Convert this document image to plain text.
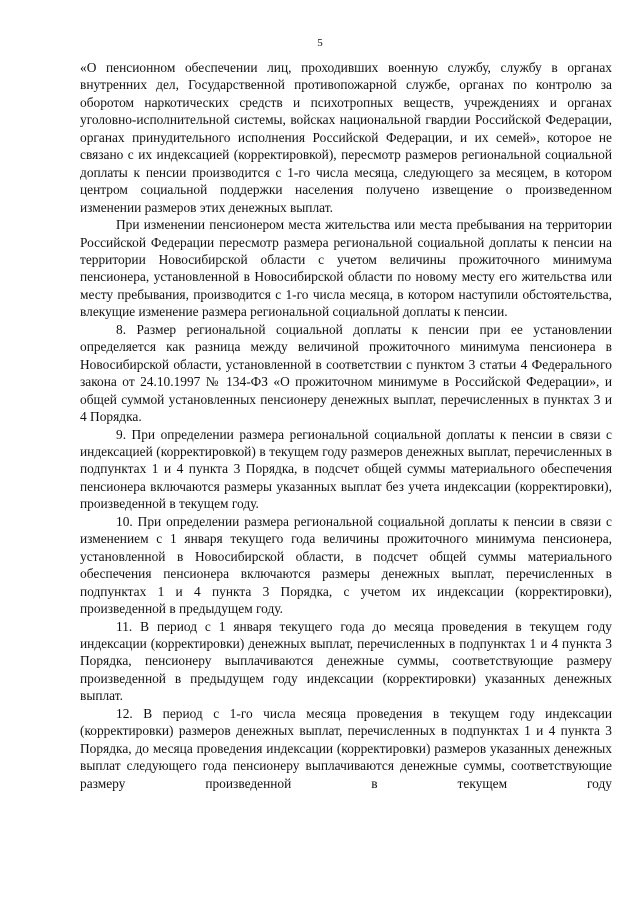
5

«О пенсионном обеспечении лиц, проходивших военную службу, службу в органах внутренних дел, Государственной противопожарной службе, органах по контролю за оборотом наркотических средств и психотропных веществ, учреждениях и органах уголовно-исполнительной системы, войсках национальной гвардии Российской Федерации, органах принудительного исполнения Российской Федерации, и их семей», которое не связано с их индексацией (корректировкой), пересмотр размеров региональной социальной доплаты к пенсии производится с 1-го числа месяца, следующего за месяцем, в котором центром социальной поддержки населения получено извещение о произведенном изменении размеров этих денежных выплат.

При изменении пенсионером места жительства или места пребывания на территории Российской Федерации пересмотр размера региональной социальной доплаты к пенсии на территории Новосибирской области с учетом величины прожиточного минимума пенсионера, установленной в Новосибирской области по новому месту его жительства или месту пребывания, производится с 1-го числа месяца, в котором наступили обстоятельства, влекущие изменение размера региональной социальной доплаты к пенсии.

8. Размер региональной социальной доплаты к пенсии при ее установлении определяется как разница между величиной прожиточного минимума пенсионера в Новосибирской области, установленной в соответствии с пунктом 3 статьи 4 Федерального закона от 24.10.1997 № 134-ФЗ «О прожиточном минимуме в Российской Федерации», и общей суммой установленных пенсионеру денежных выплат, перечисленных в пунктах 3 и 4 Порядка.

9. При определении размера региональной социальной доплаты к пенсии в связи с индексацией (корректировкой) в текущем году размеров денежных выплат, перечисленных в подпунктах 1 и 4 пункта 3 Порядка, в подсчет общей суммы материального обеспечения пенсионера включаются размеры указанных выплат без учета индексации (корректировки), произведенной в текущем году.

10. При определении размера региональной социальной доплаты к пенсии в связи с изменением с 1 января текущего года величины прожиточного минимума пенсионера, установленной в Новосибирской области, в подсчет общей суммы материального обеспечения пенсионера включаются размеры денежных выплат, перечисленных в подпунктах 1 и 4 пункта 3 Порядка, с учетом их индексации (корректировки), произведенной в предыдущем году.

11. В период с 1 января текущего года до месяца проведения в текущем году индексации (корректировки) денежных выплат, перечисленных в подпунктах 1 и 4 пункта 3 Порядка, пенсионеру выплачиваются денежные суммы, соответствующие размеру произведенной в предыдущем году индексации (корректировки) указанных денежных выплат.

12. В период с 1-го числа месяца проведения в текущем году индексации (корректировки) размеров денежных выплат, перечисленных в подпунктах 1 и 4 пункта 3 Порядка, до месяца проведения индексации (корректировки) размеров указанных денежных выплат следующего года пенсионеру выплачиваются денежные суммы, соответствующие размеру произведенной в текущем году
